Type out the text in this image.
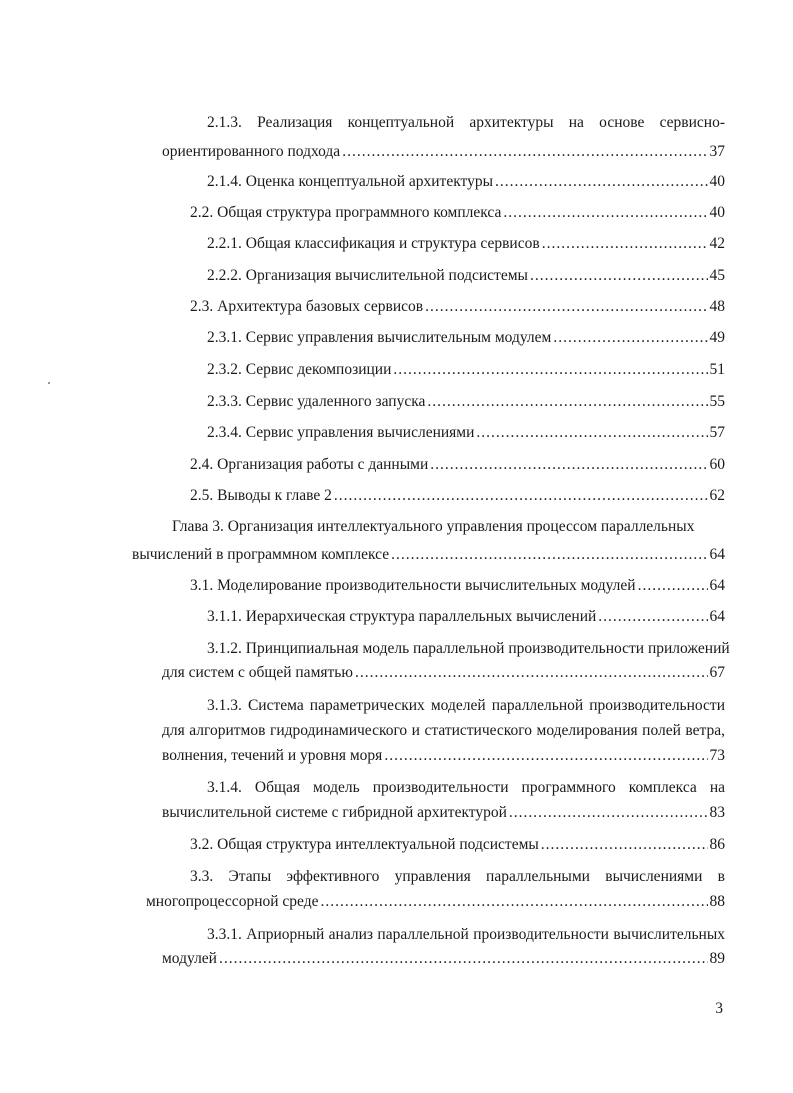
2.1.3. Реализация концептуальной архитектуры на основе сервисно-
ориентированного подхода .....	37
2.1.4. Оценка концептуальной архитектуры .....	40
2.2. Общая структура программного комплекса .....	40
2.2.1. Общая классификация и структура сервисов .....	42
2.2.2. Организация вычислительной подсистемы .....	45
2.3. Архитектура базовых сервисов .....	48
2.3.1. Сервис управления вычислительным модулем .....	49
2.3.2. Сервис декомпозиции .....	51
2.3.3. Сервис удаленного запуска .....	55
2.3.4. Сервис управления вычислениями .....	57
2.4. Организация работы с данными .....	60
2.5. Выводы к главе 2 .....	62
Глава 3. Организация интеллектуального управления процессом параллельных
вычислений в программном комплексе .....	64
3.1. Моделирование производительности вычислительных модулей .....	64
3.1.1. Иерархическая структура параллельных вычислений .....	64
3.1.2. Принципиальная модель параллельной производительности приложений
для систем с общей памятью .....	67
3.1.3. Система параметрических моделей параллельной производительности
для алгоритмов гидродинамического и статистического моделирования полей ветра,
волнения, течений и уровня моря .....	73
3.1.4. Общая модель производительности программного комплекса на
вычислительной системе с гибридной архитектурой .....	83
3.2. Общая структура интеллектуальной подсистемы .....	86
3.3. Этапы эффективного управления параллельными вычислениями в
многопроцессорной среде .....	88
3.3.1. Априорный анализ параллельной производительности вычислительных
модулей .....	89
3
